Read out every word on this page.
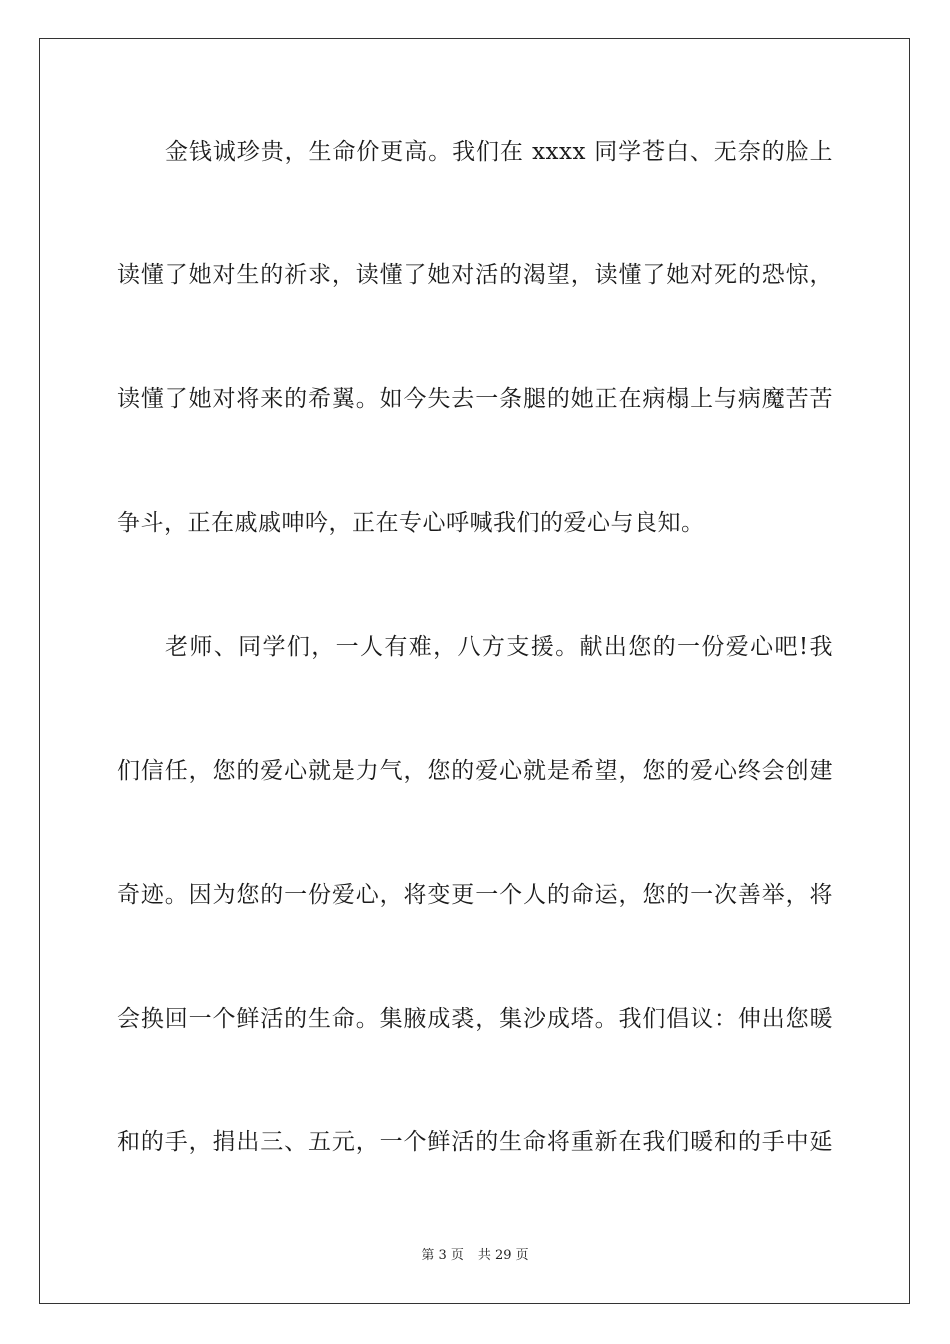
金钱诚珍贵，生命价更高。我们在 xxxx 同学苍白、无奈的脸上
读懂了她对生的祈求，读懂了她对活的渴望，读懂了她对死的恐惊，
读懂了她对将来的希翼。如今失去一条腿的她正在病榻上与病魔苦苦
争斗，正在戚戚呻吟，正在专心呼喊我们的爱心与良知。
老师、同学们，一人有难，八方支援。献出您的一份爱心吧!我
们信任，您的爱心就是力气，您的爱心就是希望，您的爱心终会创建
奇迹。因为您的一份爱心，将变更一个人的命运，您的一次善举，将
会换回一个鲜活的生命。集腋成裘，集沙成塔。我们倡议：伸出您暖
和的手，捐出三、五元，一个鲜活的生命将重新在我们暖和的手中延
第 3 页 共 29 页
